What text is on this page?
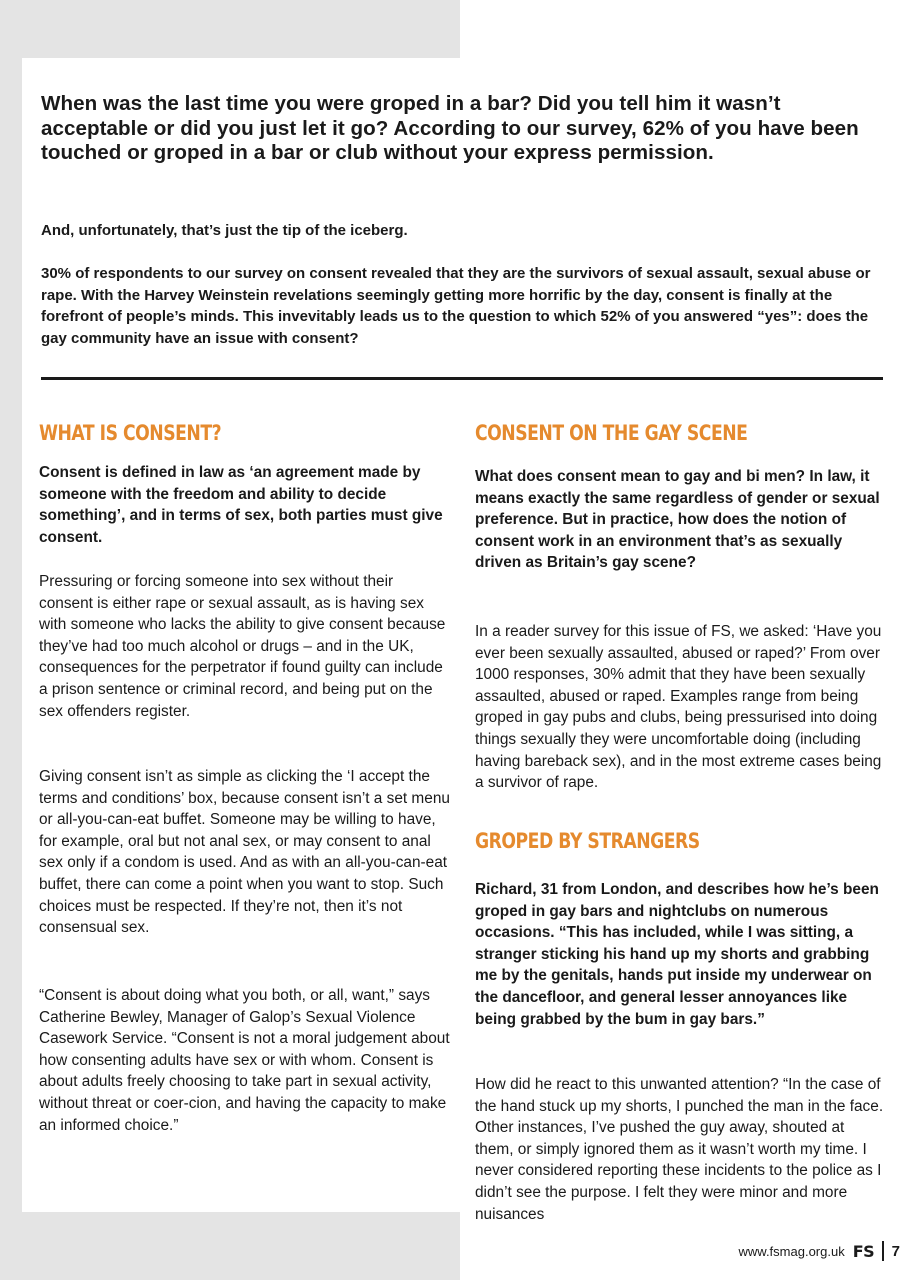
When was the last time you were groped in a bar? Did you tell him it wasn’t acceptable or did you just let it go? According to our survey, 62% of you have been touched or groped in a bar or club without your express permission.

And, unfortunately, that’s just the tip of the iceberg.

30% of respondents to our survey on consent revealed that they are the survivors of sexual assault, sexual abuse or rape. With the Harvey Weinstein revelations seemingly getting more horrific by the day, consent is finally at the forefront of people’s minds. This invevitably leads us to the question to which 52% of you answered “yes”: does the gay community have an issue with consent?

WHAT IS CONSENT?

Consent is defined in law as ‘an agreement made by someone with the freedom and ability to decide something’, and in terms of sex, both parties must give consent.

Pressuring or forcing someone into sex without their consent is either rape or sexual assault, as is having sex with someone who lacks the ability to give consent because they’ve had too much alcohol or drugs – and in the UK, consequences for the perpetrator if found guilty can include a prison sentence or criminal record, and being put on the sex offenders register.

Giving consent isn’t as simple as clicking the ‘I accept the terms and conditions’ box, because consent isn’t a set menu or all-you-can-eat buffet. Someone may be willing to have, for example, oral but not anal sex, or may consent to anal sex only if a condom is used. And as with an all-you-can-eat buffet, there can come a point when you want to stop. Such choices must be respected. If they’re not, then it’s not consensual sex.

“Consent is about doing what you both, or all, want,” says Catherine Bewley, Manager of Galop’s Sexual Violence Casework Service. “Consent is not a moral judgement about how consenting adults have sex or with whom. Consent is about adults freely choosing to take part in sexual activity, without threat or coer-cion, and having the capacity to make an informed choice.”

CONSENT ON THE GAY SCENE

What does consent mean to gay and bi men? In law, it means exactly the same regardless of gender or sexual preference. But in practice, how does the notion of consent work in an environment that’s as sexually driven as Britain’s gay scene?

In a reader survey for this issue of FS, we asked: ‘Have you ever been sexually assaulted, abused or raped?’ From over 1000 responses, 30% admit that they have been sexually assaulted, abused or raped. Examples range from being groped in gay pubs and clubs, being pressurised into doing things sexually they were uncomfortable doing (including having bareback sex), and in the most extreme cases being a survivor of rape.

GROPED BY STRANGERS

Richard, 31 from London, and describes how he’s been groped in gay bars and nightclubs on numerous occasions. “This has included, while I was sitting, a stranger sticking his hand up my shorts and grabbing me by the genitals, hands put inside my underwear on the dancefloor, and general lesser annoyances like being grabbed by the bum in gay bars.”

How did he react to this unwanted attention? “In the case of the hand stuck up my shorts, I punched the man in the face. Other instances, I’ve pushed the guy away, shouted at them, or simply ignored them as it wasn’t worth my time. I never considered reporting these incidents to the police as I didn’t see the purpose. I felt they were minor and more nuisances

www.fsmag.org.uk FS 7
